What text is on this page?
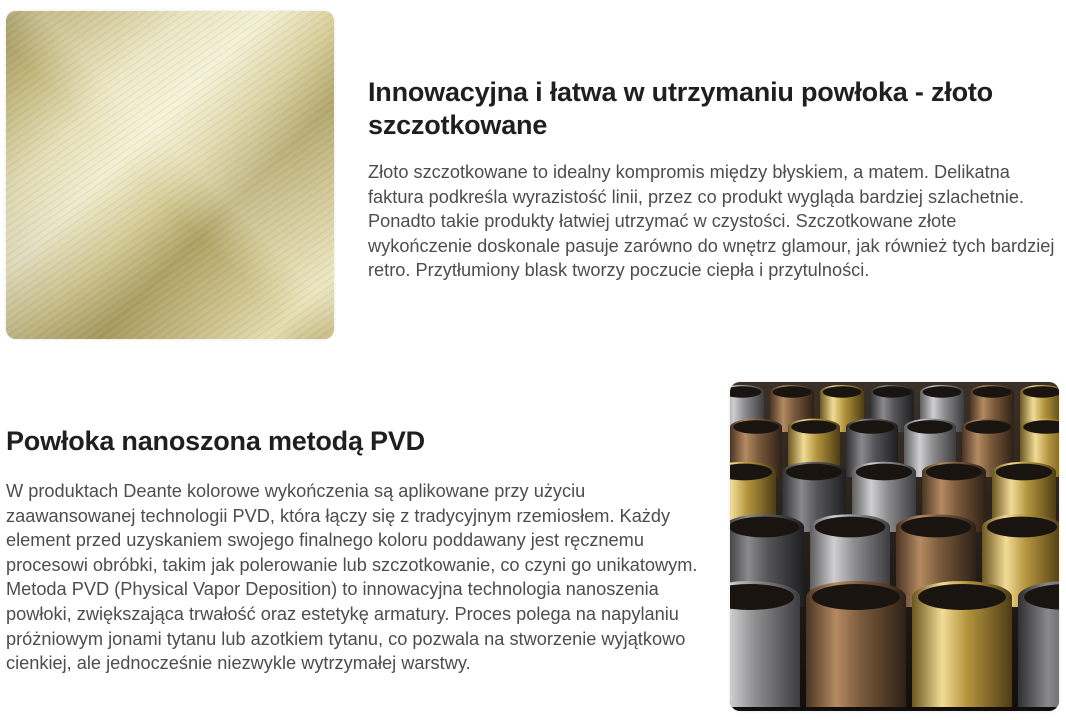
Innowacyjna i łatwa w utrzymaniu powłoka - złoto szczotkowane

Złoto szczotkowane to idealny kompromis między błyskiem, a matem. Delikatna faktura podkreśla wyrazistość linii, przez co produkt wygląda bardziej szlachetnie. Ponadto takie produkty łatwiej utrzymać w czystości. Szczotkowane złote wykończenie doskonale pasuje zarówno do wnętrz glamour, jak również tych bardziej retro. Przytłumiony blask tworzy poczucie ciepła i przytulności.

Powłoka nanoszona metodą PVD

W produktach Deante kolorowe wykończenia są aplikowane przy użyciu zaawansowanej technologii PVD, która łączy się z tradycyjnym rzemiosłem. Każdy element przed uzyskaniem swojego finalnego koloru poddawany jest ręcznemu procesowi obróbki, takim jak polerowanie lub szczotkowanie, co czyni go unikatowym. Metoda PVD (Physical Vapor Deposition) to innowacyjna technologia nanoszenia powłoki, zwiększająca trwałość oraz estetykę armatury. Proces polega na napylaniu próżniowym jonami tytanu lub azotkiem tytanu, co pozwala na stworzenie wyjątkowo cienkiej, ale jednocześnie niezwykle wytrzymałej warstwy.
